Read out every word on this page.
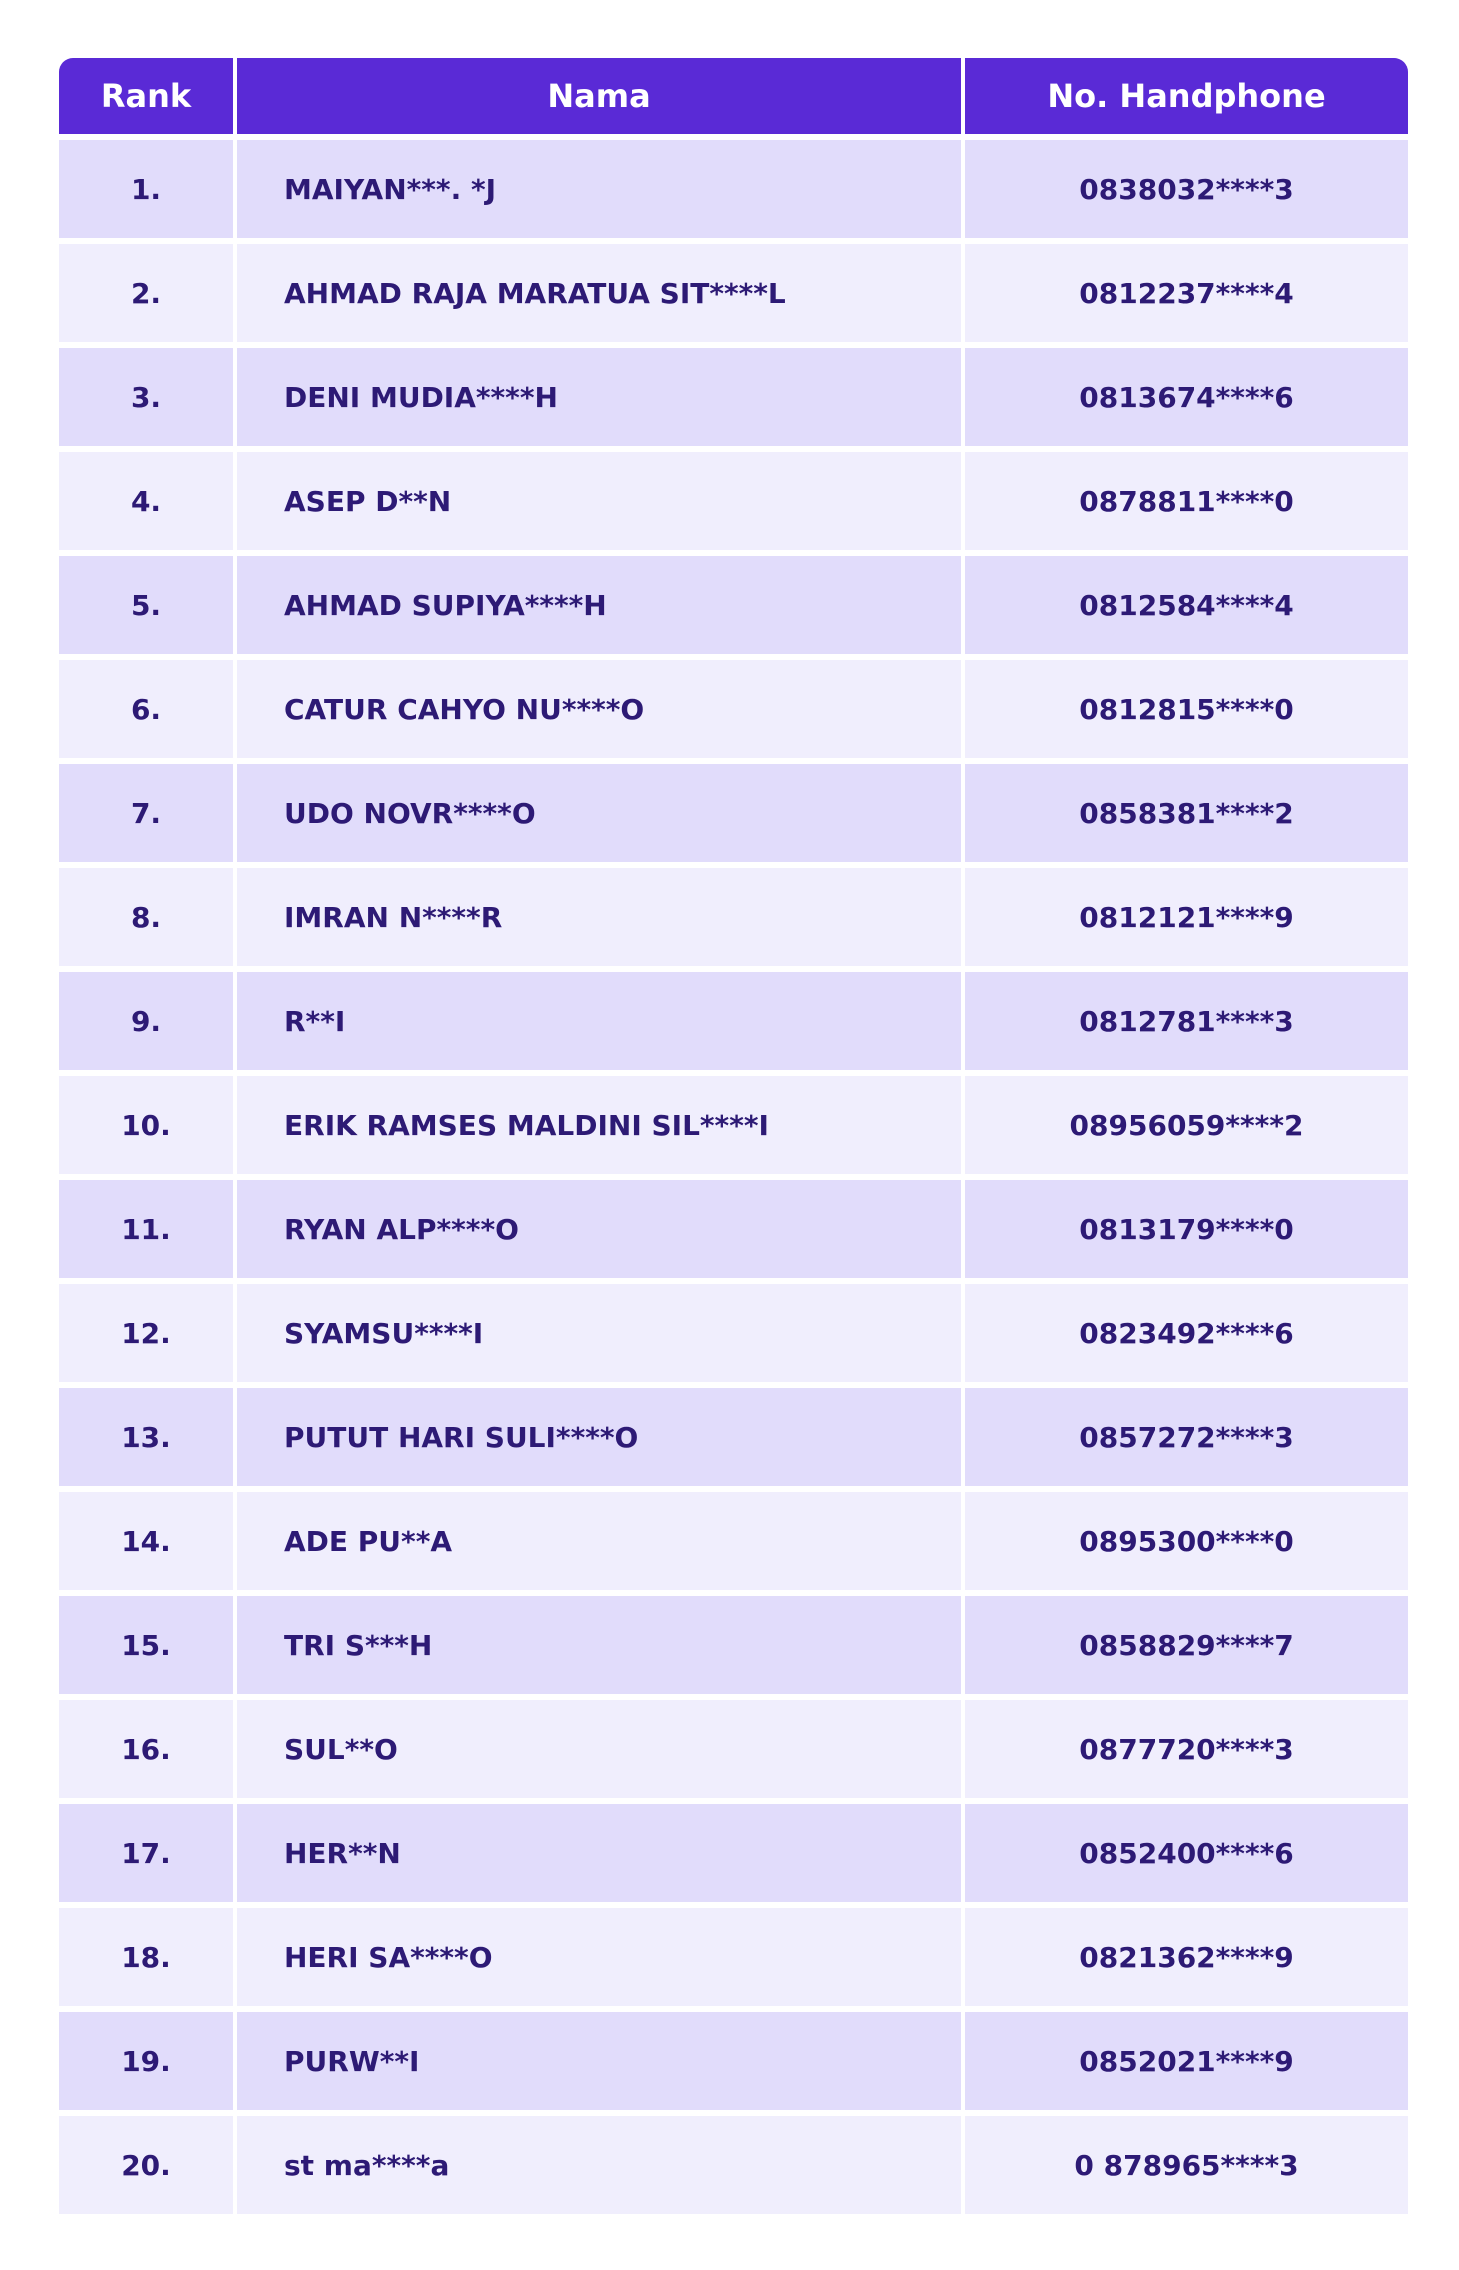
Rank	Nama	No. Handphone
1.	MAIYAN***. *J	0838032****3
2.	AHMAD RAJA MARATUA SIT****L	0812237****4
3.	DENI MUDIA****H	0813674****6
4.	ASEP D**N	0878811****0
5.	AHMAD SUPIYA****H	0812584****4
6.	CATUR CAHYO NU****O	0812815****0
7.	UDO NOVR****O	0858381****2
8.	IMRAN N****R	0812121****9
9.	R**I	0812781****3
10.	ERIK RAMSES MALDINI SIL****I	08956059****2
11.	RYAN ALP****O	0813179****0
12.	SYAMSU****I	0823492****6
13.	PUTUT HARI SULI****O	0857272****3
14.	ADE PU**A	0895300****0
15.	TRI S***H	0858829****7
16.	SUL**O	0877720****3
17.	HER**N	0852400****6
18.	HERI SA****O	0821362****9
19.	PURW**I	0852021****9
20.	st ma****a	0 878965****3
